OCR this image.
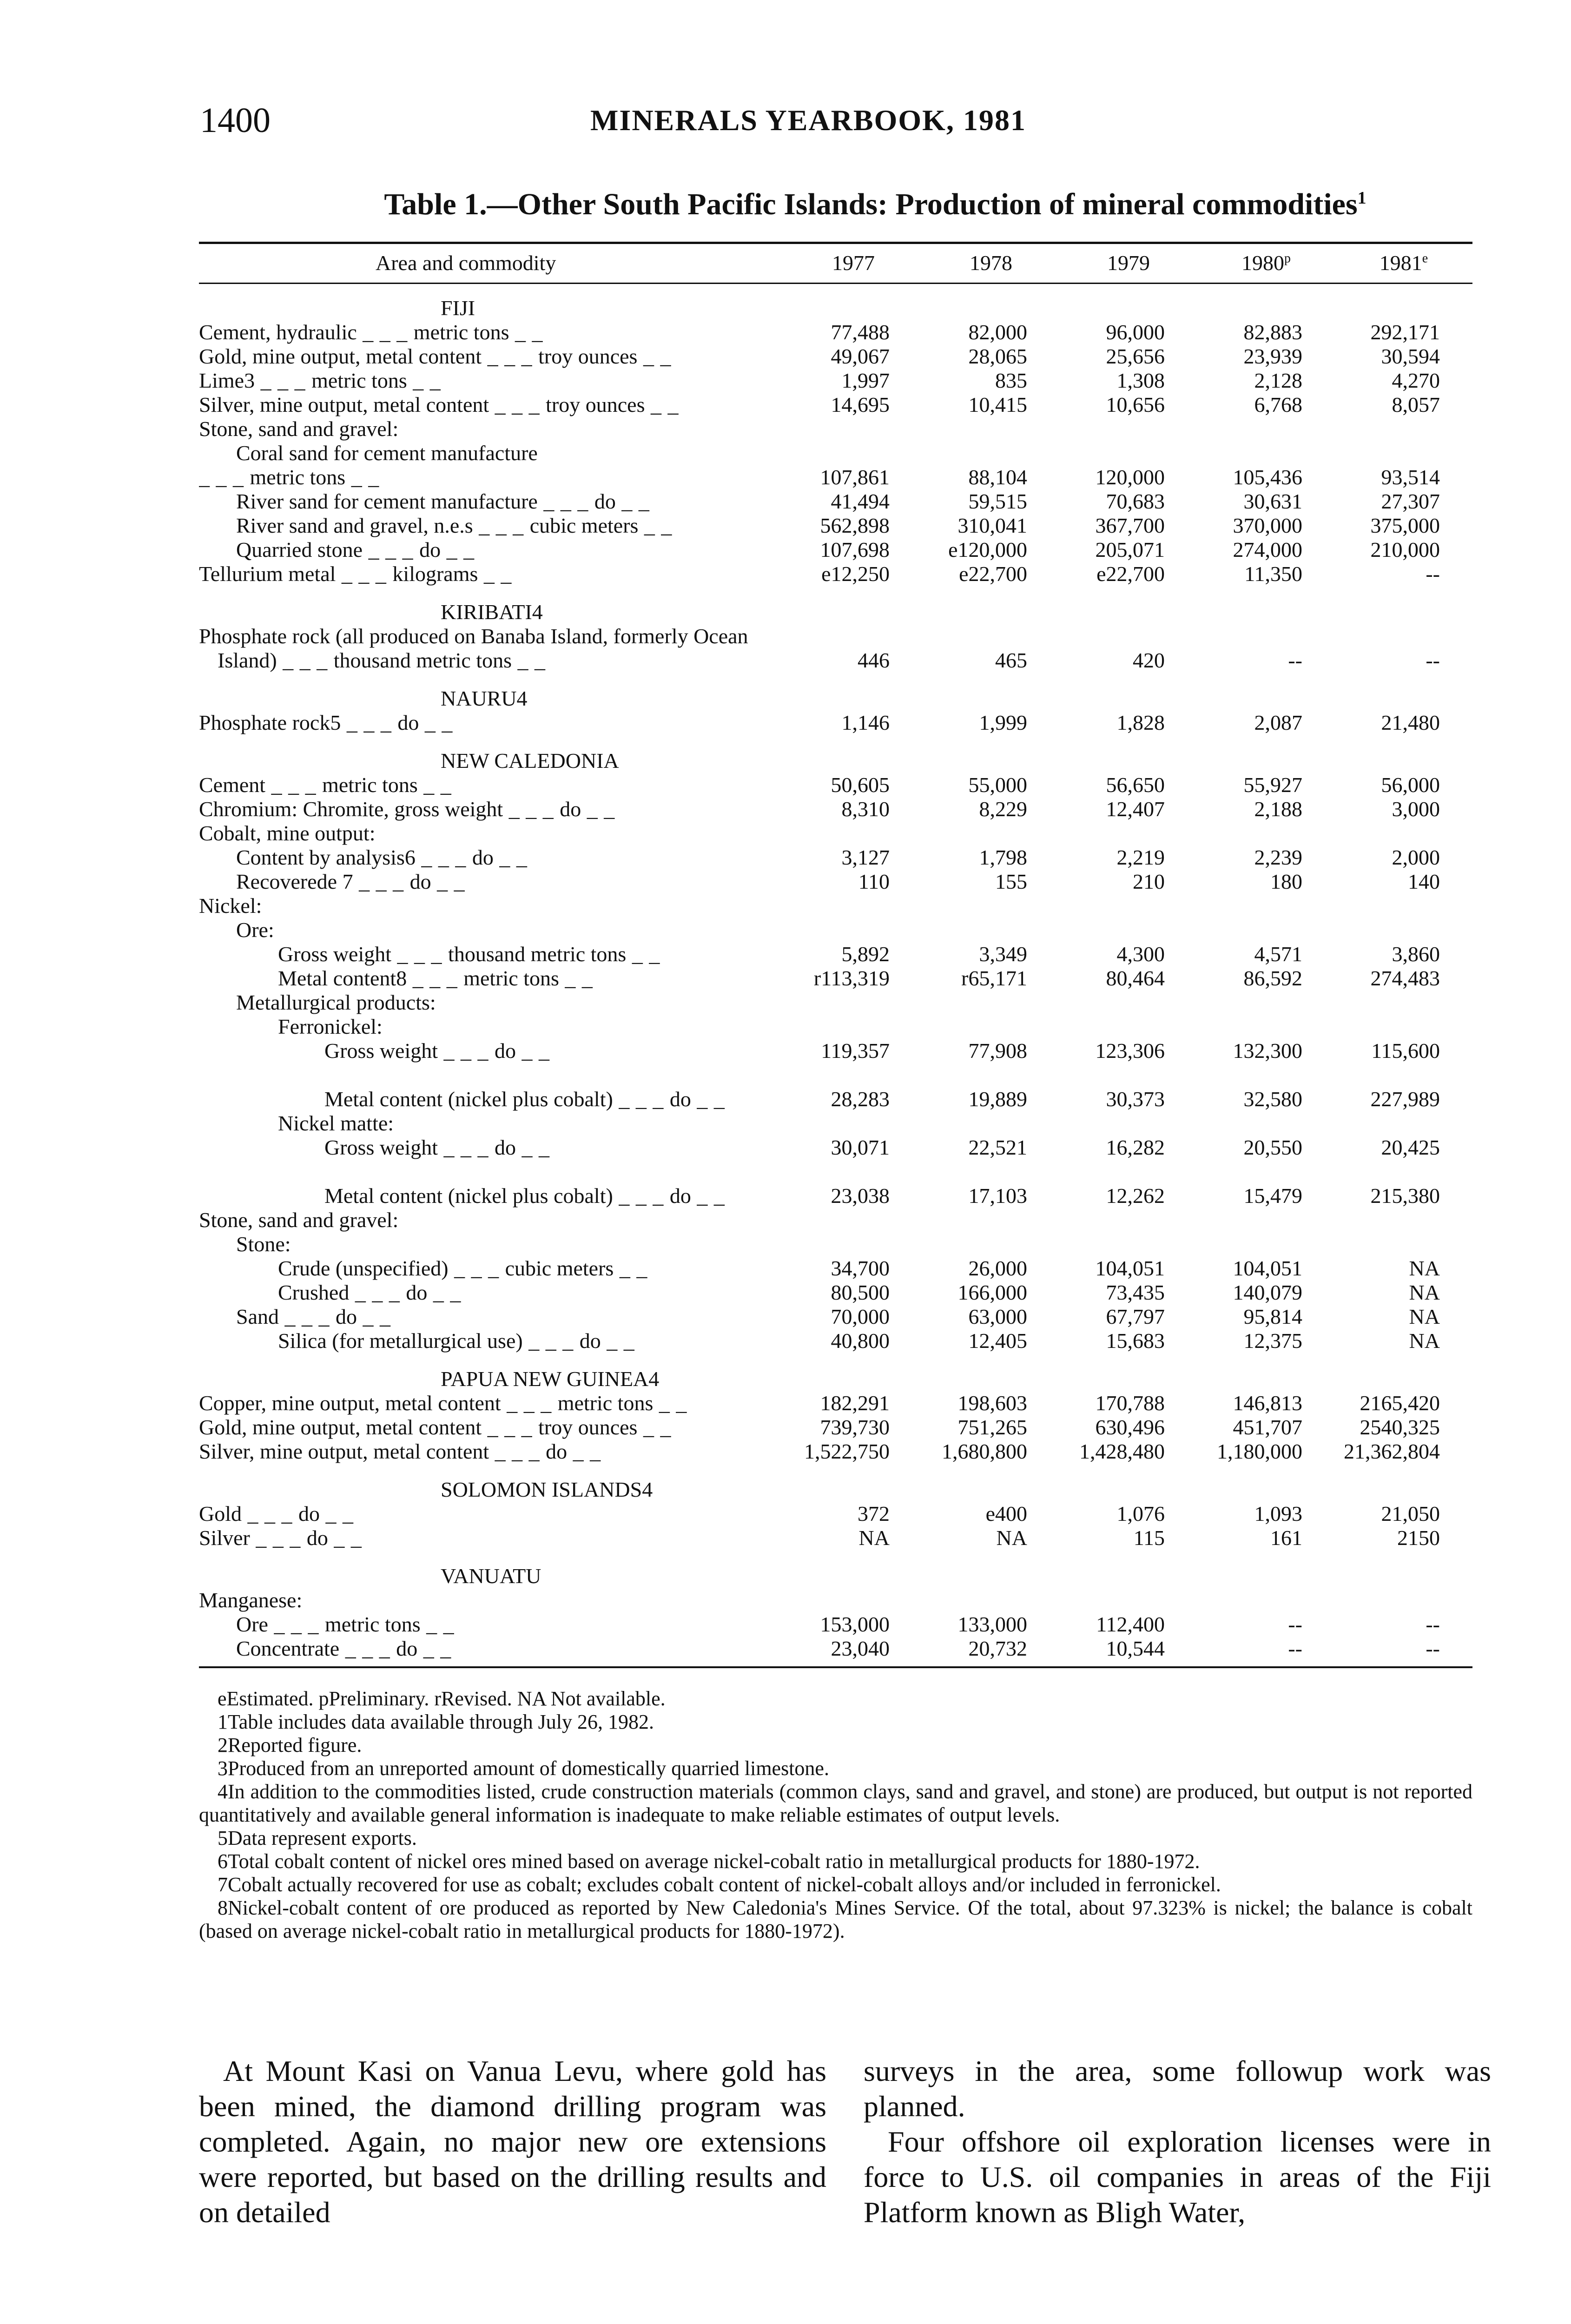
1400	MINERALS YEARBOOK, 1981
Table 1.—Other South Pacific Islands: Production of mineral commodities$^1$
Area and commodity	1977	1978	1979	1980$^p$	1981e
FIJI					
Cement, hydraulic _ _ _ metric tons _ _	77,488	82,000	96,000	82,883	292,171
Gold, mine output, metal content _ _ _ troy ounces _ _	49,067	28,065	25,656	23,939	30,594
Lime3 _ _ _ metric tons _ _	1,997	835	1,308	2,128	4,270
Silver, mine output, metal content _ _ _ troy ounces _ _	14,695	10,415	10,656	6,768	8,057
Stone, sand and gravel:					
Coral sand for cement manufacture					
_ _ _ metric tons _ _	107,861	88,104	120,000	105,436	93,514
River sand for cement manufacture _ _ _ do _ _	41,494	59,515	70,683	30,631	27,307
River sand and gravel, n.e.s _ _ _ cubic meters _ _	562,898	310,041	367,700	370,000	375,000
Quarried stone _ _ _ do _ _	107,698	e120,000	205,071	274,000	210,000
Tellurium metal _ _ _ kilograms _ _	e12,250	e22,700	e22,700	11,350	--
KIRIBATI4					
Phosphate rock (all produced on Banaba Island, formerly Ocean Island) _ _ _ thousand metric tons _ _	446	465	420	--	--
NAURU4					
Phosphate rock5 _ _ _ do _ _	1,146	1,999	1,828	2,087	21,480
NEW CALEDONIA					
Cement _ _ _ metric tons _ _	50,605	55,000	56,650	55,927	56,000
Chromium: Chromite, gross weight _ _ _ do _ _	8,310	8,229	12,407	2,188	3,000
Cobalt, mine output:					
Content by analysis6 _ _ _ do _ _	3,127	1,798	2,219	2,239	2,000
Recoverede 7 _ _ _ do _ _	110	155	210	180	140
Nickel:					
Ore:					
Gross weight _ _ _ thousand metric tons _ _	5,892	3,349	4,300	4,571	3,860
Metal content8 _ _ _ metric tons _ _	r113,319	r65,171	80,464	86,592	274,483
Metallurgical products:					
Ferronickel:					
Gross weight _ _ _ do _ _	119,357	77,908	123,306	132,300	115,600
Metal content (nickel plus cobalt) _ _ _ do _ _	28,283	19,889	30,373	32,580	227,989
Nickel matte:					
Gross weight _ _ _ do _ _	30,071	22,521	16,282	20,550	20,425
Metal content (nickel plus cobalt) _ _ _ do _ _	23,038	17,103	12,262	15,479	215,380
Stone, sand and gravel:					
Stone:					
Crude (unspecified) _ _ _ cubic meters _ _	34,700	26,000	104,051	104,051	NA
Crushed _ _ _ do _ _	80,500	166,000	73,435	140,079	NA
Sand _ _ _ do _ _	70,000	63,000	67,797	95,814	NA
Silica (for metallurgical use) _ _ _ do _ _	40,800	12,405	15,683	12,375	NA
PAPUA NEW GUINEA4					
Copper, mine output, metal content _ _ _ metric tons _ _	182,291	198,603	170,788	146,813	2165,420
Gold, mine output, metal content _ _ _ troy ounces _ _	739,730	751,265	630,496	451,707	2540,325
Silver, mine output, metal content _ _ _ do _ _	1,522,750	1,680,800	1,428,480	1,180,000	21,362,804
SOLOMON ISLANDS4					
Gold _ _ _ do _ _	372	e400	1,076	1,093	21,050
Silver _ _ _ do _ _	NA	NA	115	161	2150
VANUATU					
Manganese:					
Ore _ _ _ metric tons _ _	153,000	133,000	112,400	--	--
Concentrate _ _ _ do _ _	23,040	20,732	10,544	--	--

eEstimated. pPreliminary. rRevised. NA Not available.

1Table includes data available through July 26, 1982.

2Reported figure.

3Produced from an unreported amount of domestically quarried limestone.

4In addition to the commodities listed, crude construction materials (common clays, sand and gravel, and stone) are produced, but output is not reported quantitatively and available general information is inadequate to make reliable estimates of output levels.

5Data represent exports.

6Total cobalt content of nickel ores mined based on average nickel-cobalt ratio in metallurgical products for 1880-1972.

7Cobalt actually recovered for use as cobalt; excludes cobalt content of nickel-cobalt alloys and/or included in ferronickel.

8Nickel-cobalt content of ore produced as reported by New Caledonia's Mines Service. Of the total, about 97.323% is nickel; the balance is cobalt (based on average nickel-cobalt ratio in metallurgical products for 1880-1972).

At Mount Kasi on Vanua Levu, where gold has been mined, the diamond drilling program was completed. Again, no major new ore extensions were reported, but based on the drilling results and on detailed

surveys in the area, some followup work was planned.

Four offshore oil exploration licenses were in force to U.S. oil companies in areas of the Fiji Platform known as Bligh Water,
